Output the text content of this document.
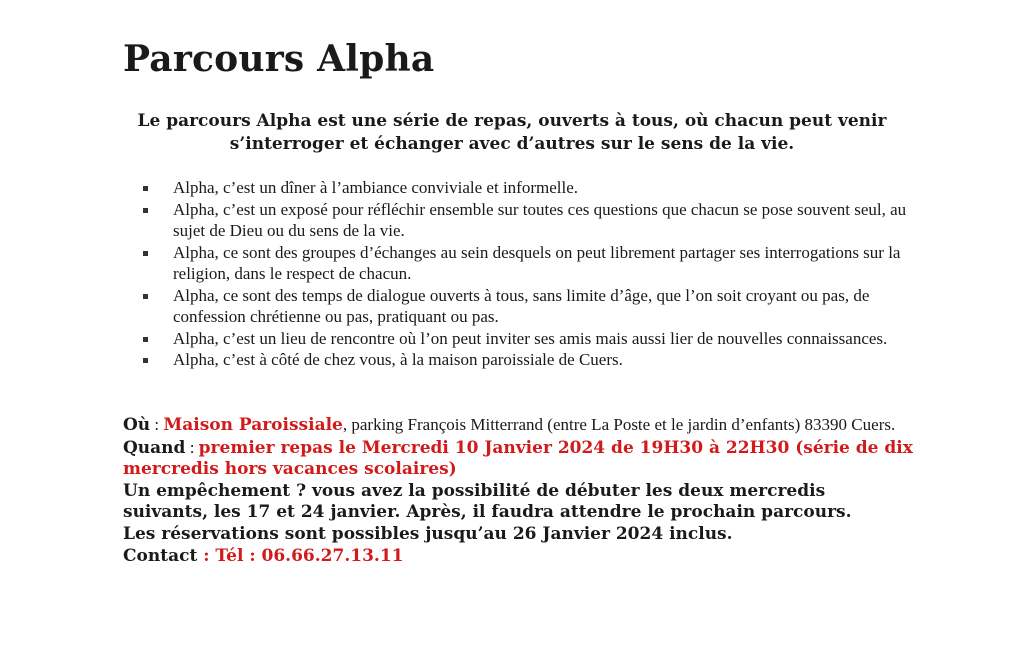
Parcours Alpha

Le parcours Alpha est une série de repas, ouverts à tous, où chacun peut venir s’interroger et échanger avec d’autres sur le sens de la vie.

Alpha, c’est un dîner à l’ambiance conviviale et informelle.
Alpha, c’est un exposé pour réfléchir ensemble sur toutes ces questions que chacun se pose souvent seul, au sujet de Dieu ou du sens de la vie.
Alpha, ce sont des groupes d’échanges au sein desquels on peut librement partager ses interrogations sur la religion, dans le respect de chacun.
Alpha, ce sont des temps de dialogue ouverts à tous, sans limite d’âge, que l’on soit croyant ou pas, de confession chrétienne ou pas, pratiquant ou pas.
Alpha, c’est un lieu de rencontre où l’on peut inviter ses amis mais aussi lier de nouvelles connaissances.
Alpha, c’est à côté de chez vous, à la maison paroissiale de Cuers.

Où : Maison Paroissiale, parking François Mitterrand (entre La Poste et le jardin d’enfants) 83390 Cuers.

Quand : premier repas le Mercredi 10 Janvier 2024 de 19H30 à 22H30 (série de dix mercredis hors vacances scolaires)

Un empêchement ? vous avez la possibilité de débuter les deux mercredis suivants, les 17 et 24 janvier. Après, il faudra attendre le prochain parcours.

Les réservations sont possibles jusqu’au 26 Janvier 2024 inclus.

Contact : Tél : 06.66.27.13.11
